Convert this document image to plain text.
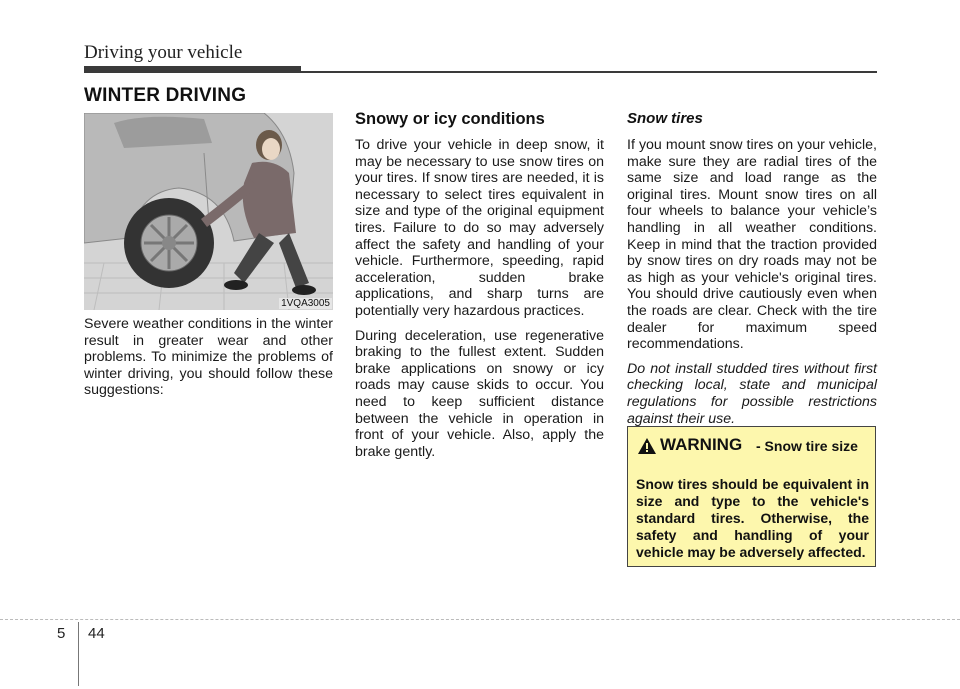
Driving your vehicle
WINTER DRIVING
1VQA3005

Severe weather conditions in the winter result in greater wear and other problems. To minimize the problems of winter driving, you should follow these suggestions:

Snowy or icy conditions

To drive your vehicle in deep snow, it may be necessary to use snow tires on your tires. If snow tires are needed, it is necessary to select tires equivalent in size and type of the original equipment tires. Failure to do so may adversely affect the safety and handling of your vehicle. Furthermore, speeding, rapid acceleration, sudden brake applications, and sharp turns are potentially very hazardous practices.

During deceleration, use regenerative braking to the fullest extent. Sudden brake applications on snowy or icy roads may cause skids to occur. You need to keep sufficient distance between the vehicle in operation in front of your vehicle. Also, apply the brake gently.

Snow tires

If you mount snow tires on your vehicle, make sure they are radial tires of the same size and load range as the original tires. Mount snow tires on all four wheels to balance your vehicle’s handling in all weather conditions. Keep in mind that the traction provided by snow tires on dry roads may not be as high as your vehicle's original tires. You should drive cautiously even when the roads are clear. Check with the tire dealer for maximum speed recommendations.

Do not install studded tires without first checking local, state and municipal regulations for possible restrictions against their use.

WARNING - Snow tire size
Snow tires should be equivalent in size and type to the vehicle's standard tires. Otherwise, the safety and handling of your vehicle may be adversely affected.
5 44
